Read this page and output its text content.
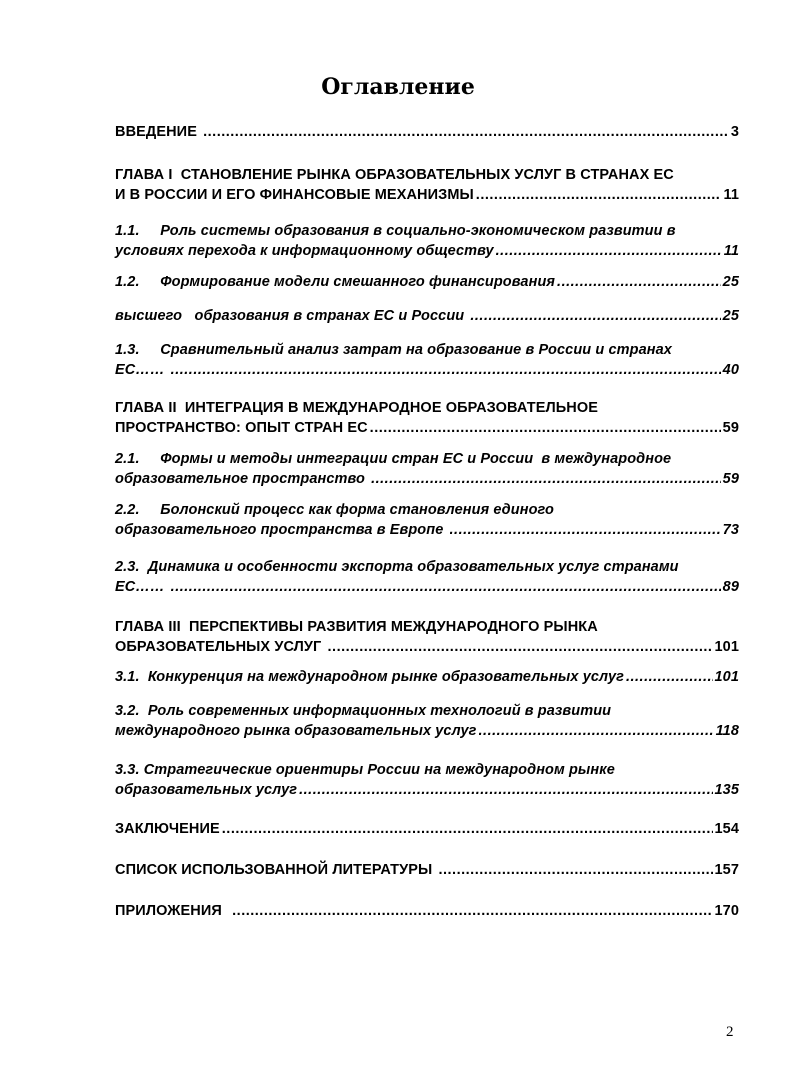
Оглавление
ВВЕДЕНИЕ .....	3
ГЛАВА I  СТАНОВЛЕНИЕ РЫНКА ОБРАЗОВАТЕЛЬНЫХ УСЛУГ В СТРАНАХ ЕС
И В РОССИИ И ЕГО ФИНАНСОВЫЕ МЕХАНИЗМЫ .....	11
1.1.     Роль системы образования в социально-экономическом развитии в
условиях перехода к информационному обществу .....	11
1.2.     Формирование модели смешанного финансирования .....	25
высшего   образования в странах ЕС и России .....	25
1.3.     Сравнительный анализ затрат на образование в России и странах
ЕС…… .....	40
ГЛАВА II  ИНТЕГРАЦИЯ В МЕЖДУНАРОДНОЕ ОБРАЗОВАТЕЛЬНОЕ
ПРОСТРАНСТВО: ОПЫТ СТРАН ЕС .....	59
2.1.     Формы и методы интеграции стран ЕС и России  в международное
образовательное пространство .....	59
2.2.     Болонский процесс как форма становления единого
образовательного пространства в Европе .....	73
2.3.  Динамика и особенности экспорта образовательных услуг странами
ЕС…… .....	89
ГЛАВА III  ПЕРСПЕКТИВЫ РАЗВИТИЯ МЕЖДУНАРОДНОГО РЫНКА
ОБРАЗОВАТЕЛЬНЫХ УСЛУГ .....	101
3.1.  Конкуренция на международном рынке образовательных услуг .....	101
3.2.  Роль современных информационных технологий в развитии
международного рынка образовательных услуг .....	118
3.3. Стратегические ориентиры России на международном рынке
образовательных услуг .....	135
ЗАКЛЮЧЕНИЕ .....	154
СПИСОК ИСПОЛЬЗОВАННОЙ ЛИТЕРАТУРЫ .....	157
ПРИЛОЖЕНИЯ .....	170
2
